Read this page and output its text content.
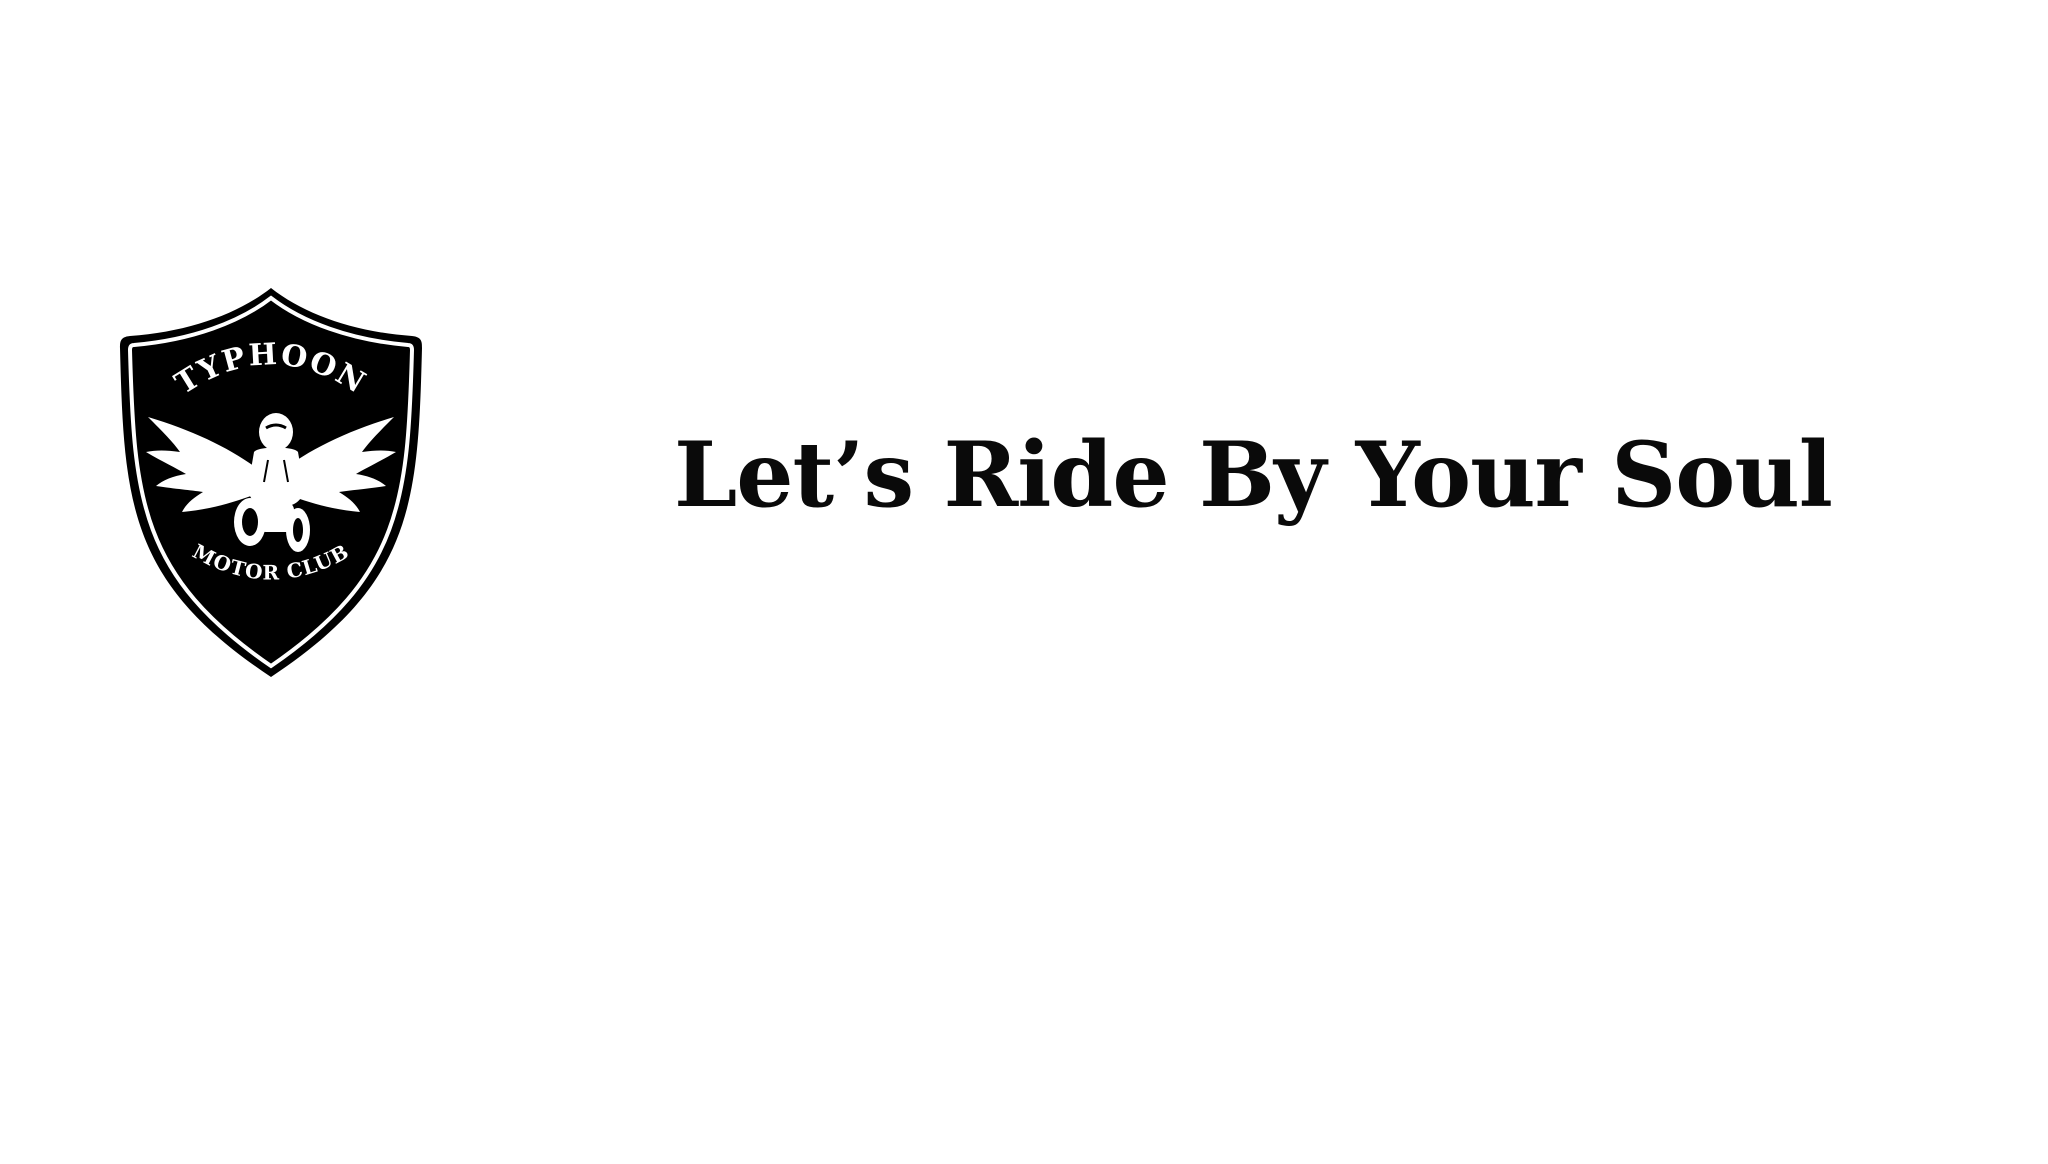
TYPHOON
MOTOR CLUB
Let’s Ride By Your Soul
